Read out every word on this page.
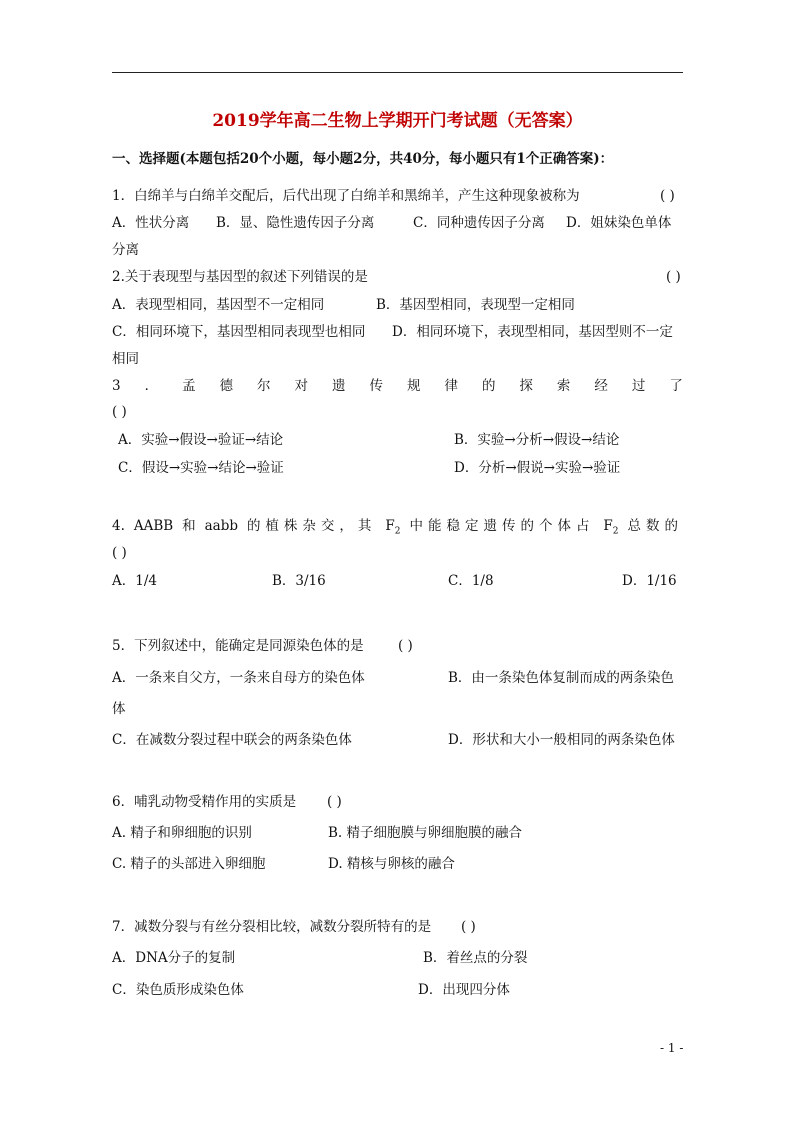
2019学年高二生物上学期开门考试题（无答案）
一、选择题(本题包括20个小题，每小题2分，共40分，每小题只有1个正确答案)：
1．白绵羊与白绵羊交配后，后代出现了白绵羊和黑绵羊，产生这种现象被称为	( )
A．性状分离 B．显、隐性遗传因子分离	C．同种遗传因子分离 D．姐妹染色单体
分离
2.关于表现型与基因型的叙述下列错误的是	( )
A．表现型相同，基因型不一定相同	B．基因型相同，表现型一定相同
C．相同环境下，基因型相同表现型也相同 D．相同环境下，表现型相同，基因型则不一定
相同
3 ． 孟 德 尔 对 遗 传 规 律 的 探 索 经 过 了
( )
A．实验→假设→验证→结论	B．实验→分析→假设→结论
C．假设→实验→结论→验证	D．分析→假说→实验→验证
4. AABB 和 aabb 的植株杂交，其 $F_2$ 中能稳定遗传的个体占 $F_2$ 总数的
( )
A．1/4	B．3/16	C．1/8	D．1/16
5．下列叙述中，能确定是同源染色体的是	( )
A．一条来自父方，一条来自母方的染色体	B．由一条染色体复制而成的两条染色
体
C．在减数分裂过程中联会的两条染色体	D．形状和大小一般相同的两条染色体
6．哺乳动物受精作用的实质是 ( )
A. 精子和卵细胞的识别	B. 精子细胞膜与卵细胞膜的融合
C. 精子的头部进入卵细胞	D. 精核与卵核的融合
7．减数分裂与有丝分裂相比较，减数分裂所特有的是 ( )
A．DNA分子的复制	B．着丝点的分裂
C．染色质形成染色体	D．出现四分体
- 1 -
